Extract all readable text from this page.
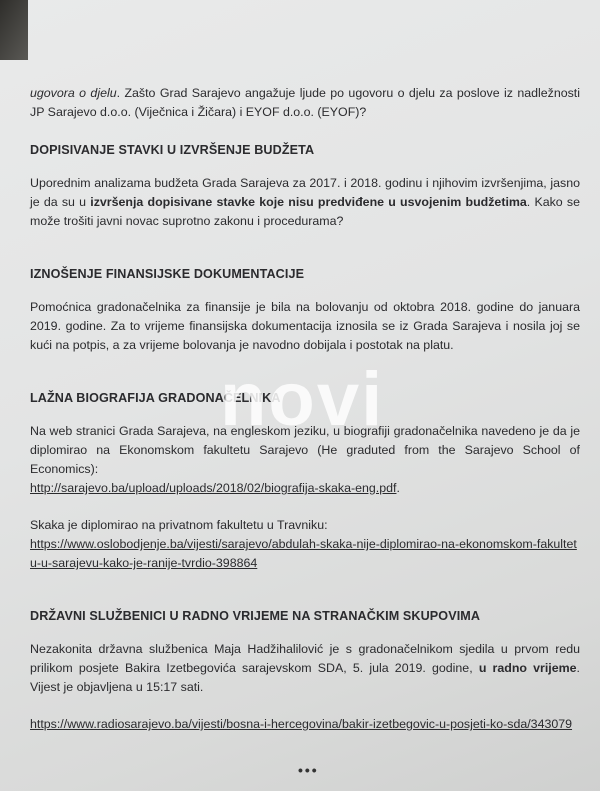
ugovora o djelu. Zašto Grad Sarajevo angažuje ljude po ugovoru o djelu za poslove iz nadležnosti JP Sarajevo d.o.o. (Viječnica i Žičara) i EYOF d.o.o. (EYOF)?

DOPISIVANJE STAVKI U IZVRŠENJE BUDŽETA

Uporednim analizama budžeta Grada Sarajeva za 2017. i 2018. godinu i njihovim izvršenjima, jasno je da su u izvršenja dopisivane stavke koje nisu predviđene u usvojenim budžetima. Kako se može trošiti javni novac suprotno zakonu i procedurama?

IZNOŠENJE FINANSIJSKE DOKUMENTACIJE

Pomoćnica gradonačelnika za finansije je bila na bolovanju od oktobra 2018. godine do januara 2019. godine. Za to vrijeme finansijska dokumentacija iznosila se iz Grada Sarajeva i nosila joj se kući na potpis, a za vrijeme bolovanja je navodno dobijala i postotak na platu.

LAŽNA BIOGRAFIJA GRADONAČELNIKA

Na web stranici Grada Sarajeva, na engleskom jeziku, u biografiji gradonačelnika navedeno je da je diplomirao na Ekonomskom fakultetu Sarajevo (He graduted from the Sarajevo School of Economics):

http://sarajevo.ba/upload/uploads/2018/02/biografija-skaka-eng.pdf.

Skaka je diplomirao na privatnom fakultetu u Travniku:

https://www.oslobodjenje.ba/vijesti/sarajevo/abdulah-skaka-nije-diplomirao-na-ekonomskom-fakultetu-u-sarajevu-kako-je-ranije-tvrdio-398864

DRŽAVNI SLUŽBENICI U RADNO VRIJEME NA STRANAČKIM SKUPOVIMA

Nezakonita državna službenica Maja Hadžihalilović je s gradonačelnikom sjedila u prvom redu prilikom posjete Bakira Izetbegovića sarajevskom SDA, 5. jula 2019. godine, u radno vrijeme. Vijest je objavljena u 15:17 sati.

https://www.radiosarajevo.ba/vijesti/bosna-i-hercegovina/bakir-izetbegovic-u-posjeti-ko-sda/343079

novi
•••
